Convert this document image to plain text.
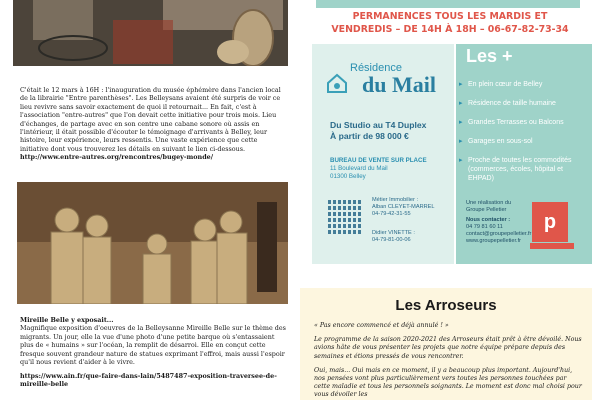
C'était le 12 mars à 16H : l'inauguration du musée éphémère dans l'ancien local de la librairie "Entre parenthèses". Les Belleysans avaient été surpris de voir ce lieu revivre sans savoir exactement de quoi il retournait... En fait, c'est à l'association "entre-autres" que l'on devait cette initiative pour trois mois. Lieu d'échanges, de partage avec en son centre une cabane sonore où assis en l'intérieur, il était possible d'écouter le témoignage d'arrivants à Belley, leur histoire, leur expérience, leurs ressentis. Une vaste expérience que cette initiative dont vous trouverez les détails en suivant le lien ci-dessous.

http://www.entre-autres.org/rencontres/bugey-monde/
Mireille Belle y exposait...

Magnifique exposition d'oeuvres de la Belleysanne Mireille Belle sur le thème des migrants. Un jour, elle la vue d'une photo d'une petite barque où s'entassaient plus de « humains » sur l'océan, la remplit de désarroi. Elle en conçut cette fresque souvent grandeur nature de statues exprimant l'effroi, mais aussi l'espoir qu'il nous revient d'aider à le vivre.

https://www.ain.fr/que-faire-dans-lain/5487487-exposition-traversee-de-mireille-belle
PERMANENCES TOUS LES MARDIS ET
VENDREDIS – DE 14H À 18H – 06-67-82-73-34
Résidence
du Mail
Du Studio au T4 Duplex
À partir de 98 000 €
BUREAU DE VENTE SUR PLACE
11 Boulevard du Mail
01300 Belley
Métier Immobilier :
Alban CLEYET-MARREL
04-79-42-31-55
Didier VINETTE :
04-79-81-00-06
Les +
▸ En plein cœur de Belley
▸ Résidence de taille humaine
▸ Grandes Terrasses ou Balcons
▸ Garages en sous-sol
▸ Proche de toutes les commodités (commerces, écoles, hôpital et EHPAD)
Une réalisation du Groupe Pelletier
Nous contacter :
04 79 81 60 11
contact@groupepelletier.fr
www.groupepelletier.fr
p
Les Arroseurs

« Pas encore commencé et déjà annulé ! »

Le programme de la saison 2020-2021 des Arroseurs était prêt à être dévoilé. Nous avions hâte de vous présenter les projets que notre équipe prépare depuis des semaines et étions pressés de vous rencontrer.

Oui, mais... Oui mais en ce moment, il y a beaucoup plus important. Aujourd'hui, nos pensées vont plus particulièrement vers toutes les personnes touchées par cette maladie et tous les personnels soignants. Le moment est donc mal choisi pour vous dévoiler les
